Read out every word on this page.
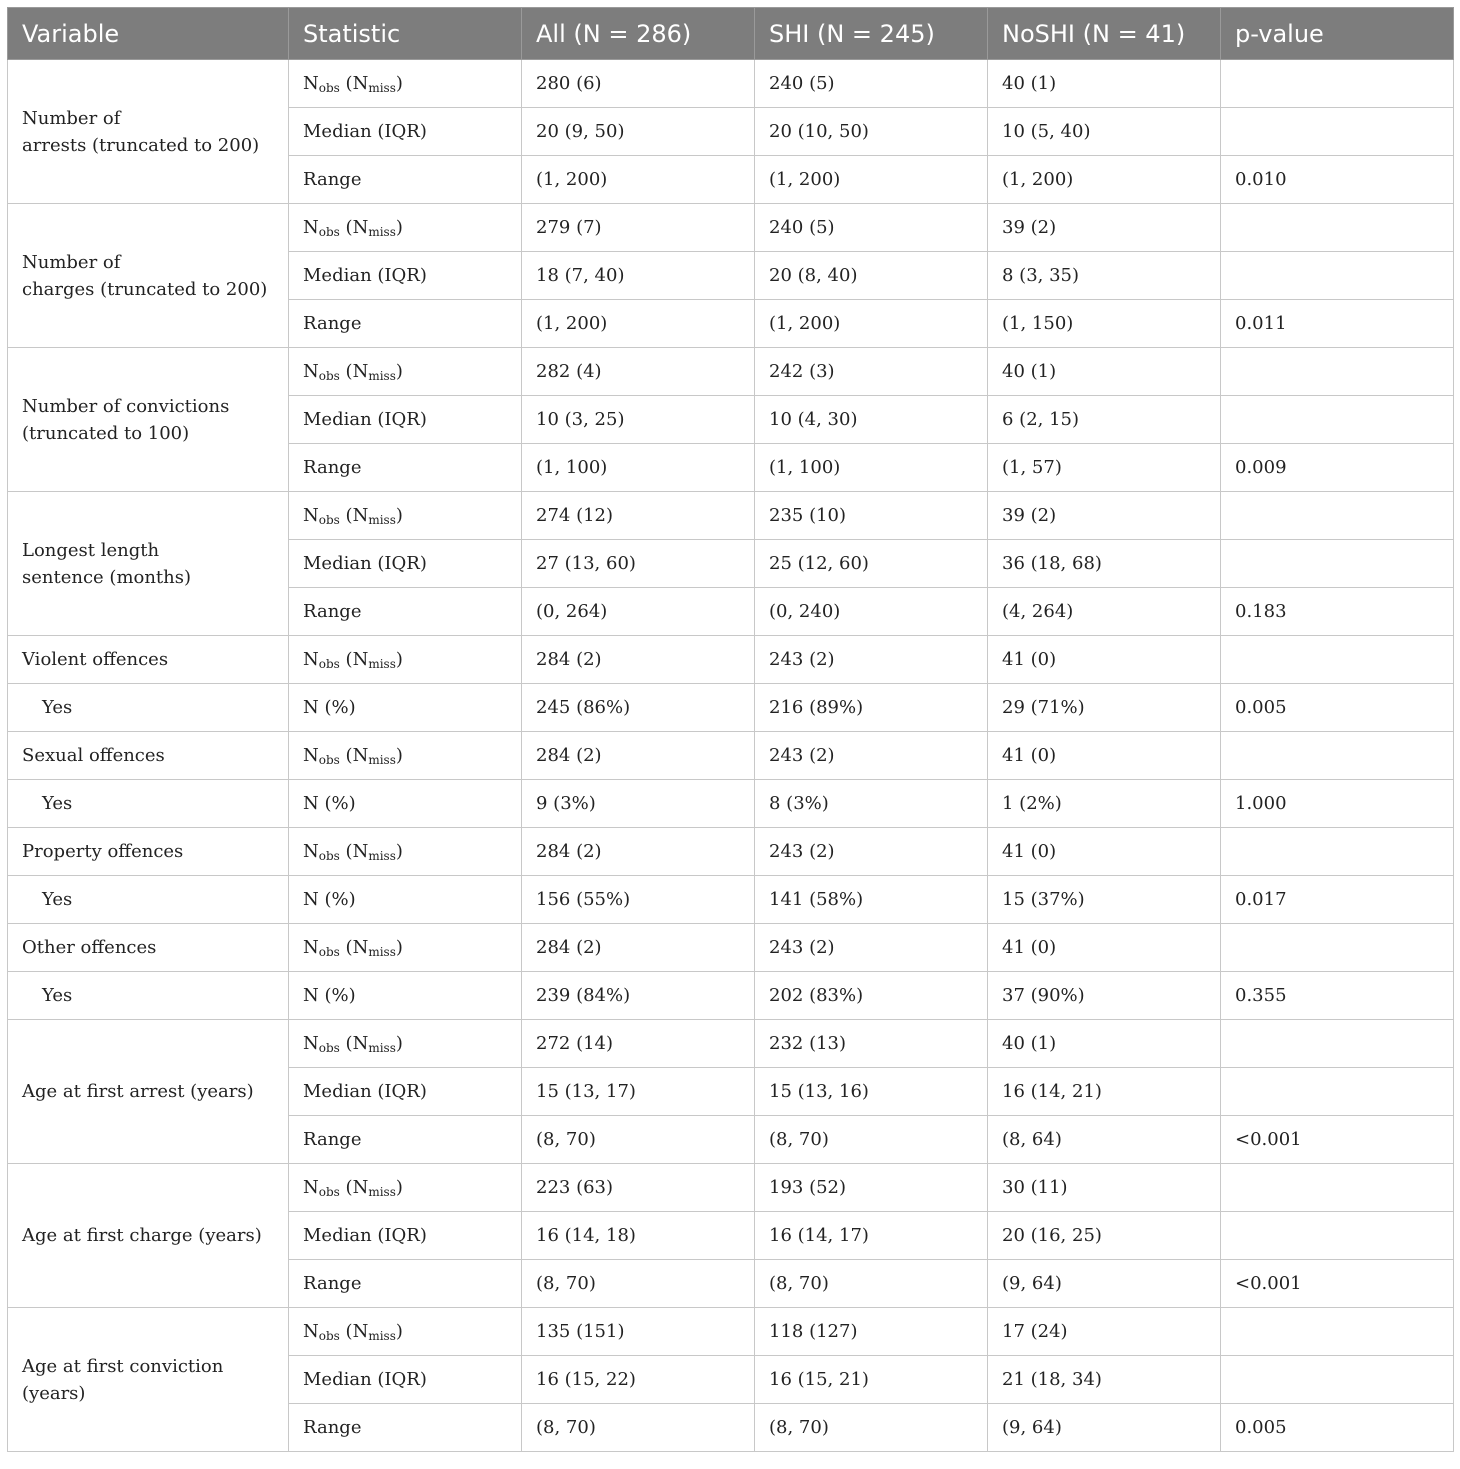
Variable	Statistic	All (N = 286)	SHI (N = 245)	NoSHI (N = 41)	p-value

Number of
arrests (truncated to 200)	$N_{obs}$ $(N_{miss})$	280 (6)	240 (5)	40 (1)	
	Median (IQR)	20 (9, 50)	20 (10, 50)	10 (5, 40)	
	Range	(1, 200)	(1, 200)	(1, 200)	0.010

Number of
charges (truncated to 200)	$N_{obs}$ $(N_{miss})$	279 (7)	240 (5)	39 (2)	
	Median (IQR)	18 (7, 40)	20 (8, 40)	8 (3, 35)	
	Range	(1, 200)	(1, 200)	(1, 150)	0.011

Number of convictions
(truncated to 100)	$N_{obs}$ $(N_{miss})$	282 (4)	242 (3)	40 (1)	
	Median (IQR)	10 (3, 25)	10 (4, 30)	6 (2, 15)	
	Range	(1, 100)	(1, 100)	(1, 57)	0.009

Longest length
sentence (months)	$N_{obs}$ $(N_{miss})$	274 (12)	235 (10)	39 (2)	
	Median (IQR)	27 (13, 60)	25 (12, 60)	36 (18, 68)	
	Range	(0, 264)	(0, 240)	(4, 264)	0.183
Violent offences	$N_{obs}$ $(N_{miss})$	284 (2)	243 (2)	41 (0)	
Yes	N (%)	245 (86%)	216 (89%)	29 (71%)	0.005
Sexual offences	$N_{obs}$ $(N_{miss})$	284 (2)	243 (2)	41 (0)	
Yes	N (%)	9 (3%)	8 (3%)	1 (2%)	1.000
Property offences	$N_{obs}$ $(N_{miss})$	284 (2)	243 (2)	41 (0)	
Yes	N (%)	156 (55%)	141 (58%)	15 (37%)	0.017
Other offences	$N_{obs}$ $(N_{miss})$	284 (2)	243 (2)	41 (0)	
Yes	N (%)	239 (84%)	202 (83%)	37 (90%)	0.355
Age at first arrest (years)	$N_{obs}$ $(N_{miss})$	272 (14)	232 (13)	40 (1)	
	Median (IQR)	15 (13, 17)	15 (13, 16)	16 (14, 21)	
	Range	(8, 70)	(8, 70)	(8, 64)	<0.001
Age at first charge (years)	$N_{obs}$ $(N_{miss})$	223 (63)	193 (52)	30 (11)	
	Median (IQR)	16 (14, 18)	16 (14, 17)	20 (16, 25)	
	Range	(8, 70)	(8, 70)	(9, 64)	<0.001
Age at first conviction (years)	$N_{obs}$ $(N_{miss})$	135 (151)	118 (127)	17 (24)	
	Median (IQR)	16 (15, 22)	16 (15, 21)	21 (18, 34)	
	Range	(8, 70)	(8, 70)	(9, 64)	0.005
